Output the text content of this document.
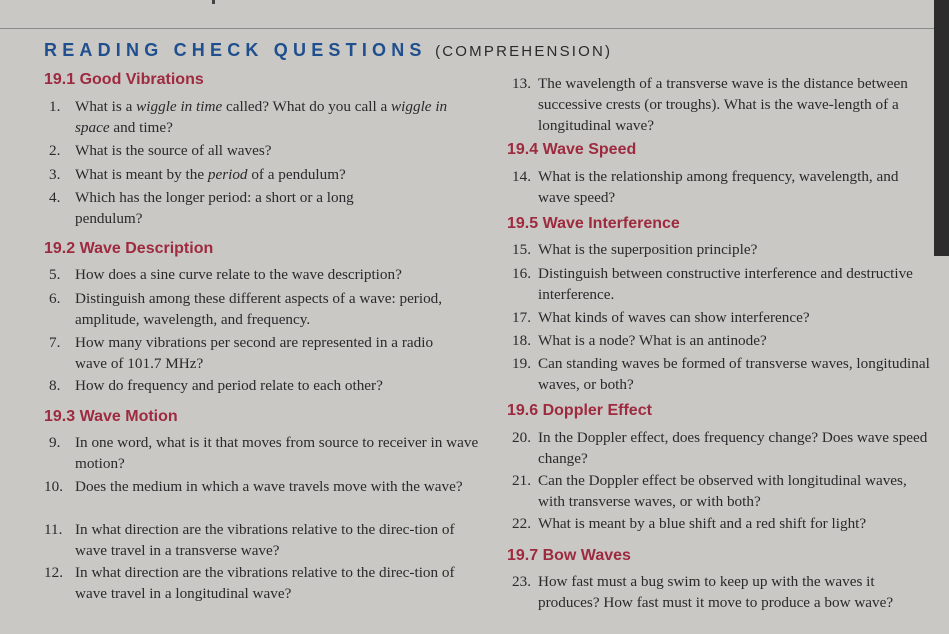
READING CHECK QUESTIONS (COMPREHENSION)
19.1 Good Vibrations
1. What is a wiggle in time called? What do you call a wiggle in space and time?
2. What is the source of all waves?
3. What is meant by the period of a pendulum?
4. Which has the longer period: a short or a long pendulum?
19.2 Wave Description
5. How does a sine curve relate to the wave description?
6. Distinguish among these different aspects of a wave: period, amplitude, wavelength, and frequency.
7. How many vibrations per second are represented in a radio wave of 101.7 MHz?
8. How do frequency and period relate to each other?
19.3 Wave Motion
9. In one word, what is it that moves from source to receiver in wave motion?
10. Does the medium in which a wave travels move with the wave?
11. In what direction are the vibrations relative to the direc-tion of wave travel in a transverse wave?
12. In what direction are the vibrations relative to the direc-tion of wave travel in a longitudinal wave?
13. The wavelength of a transverse wave is the distance between successive crests (or troughs). What is the wave-length of a longitudinal wave?
19.4 Wave Speed
14. What is the relationship among frequency, wavelength, and wave speed?
19.5 Wave Interference
15. What is the superposition principle?
16. Distinguish between constructive interference and destructive interference.
17. What kinds of waves can show interference?
18. What is a node? What is an antinode?
19. Can standing waves be formed of transverse waves, longitudinal waves, or both?
19.6 Doppler Effect
20. In the Doppler effect, does frequency change? Does wave speed change?
21. Can the Doppler effect be observed with longitudinal waves, with transverse waves, or with both?
22. What is meant by a blue shift and a red shift for light?
19.7 Bow Waves
23. How fast must a bug swim to keep up with the waves it produces? How fast must it move to produce a bow wave?
